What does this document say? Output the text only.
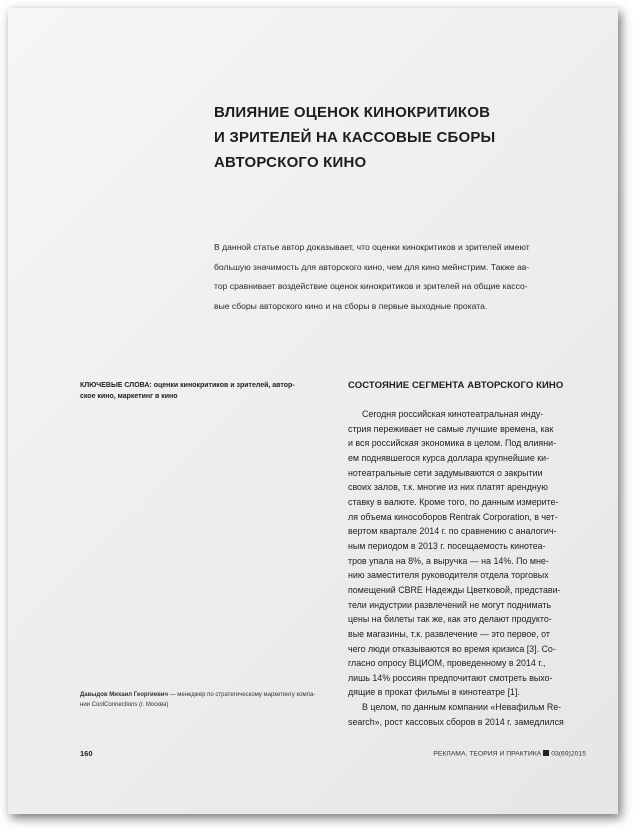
ВЛИЯНИЕ ОЦЕНОК КИНОКРИТИКОВ
И ЗРИТЕЛЕЙ НА КАССОВЫЕ СБОРЫ
АВТОРСКОГО КИНО
В данной статье автор доказывает, что оценки кинокритиков и зрителей имеют
большую значимость для авторского кино, чем для кино мейнстрим. Также ав-
тор сравнивает воздействие оценок кинокритиков и зрителей на общие кассо-
вые сборы авторского кино и на сборы в первые выходные проката.
КЛЮЧЕВЫЕ СЛОВА: оценки кинокритиков и зрителей, автор-
ское кино, маркетинг в кино
Давыдов Михаил Георгиевич — менеджер по стратегическому маркетингу компа-
нии CoolConnections (г. Москва)
СОСТОЯНИЕ СЕГМЕНТА АВТОРСКОГО КИНО
Сегодня российская кинотеатральная инду-
стрия переживает не самые лучшие времена, как
и вся российская экономика в целом. Под влияни-
ем поднявшегося курса доллара крупнейшие ки-
нотеатральные сети задумываются о закрытии
своих залов, т.к. многие из них платят арендную
ставку в валюте. Кроме того, по данным измерите-
ля объема кинособоров Rentrak Corporation, в чет-
вертом квартале 2014 г. по сравнению с аналогич-
ным периодом в 2013 г. посещаемость кинотеа-
тров упала на 8%, а выручка — на 14%. По мне-
нию заместителя руководителя отдела торговых
помещений CBRE Надежды Цветковой, представи-
тели индустрии развлечений не могут поднимать
цены на билеты так же, как это делают продукто-
вые магазины, т.к. развлечение — это первое, от
чего люди отказываются во время кризиса [3]. Со-
гласно опросу ВЦИОМ, проведенному в 2014 г.,
лишь 14% россиян предпочитают смотреть выхо-
дящие в прокат фильмы в кинотеатре [1].
В целом, по данным компании «Невафильм Re-
search», рост кассовых сборов в 2014 г. замедлился
160	РЕКЛАМА. ТЕОРИЯ И ПРАКТИКА 03(69)2015
